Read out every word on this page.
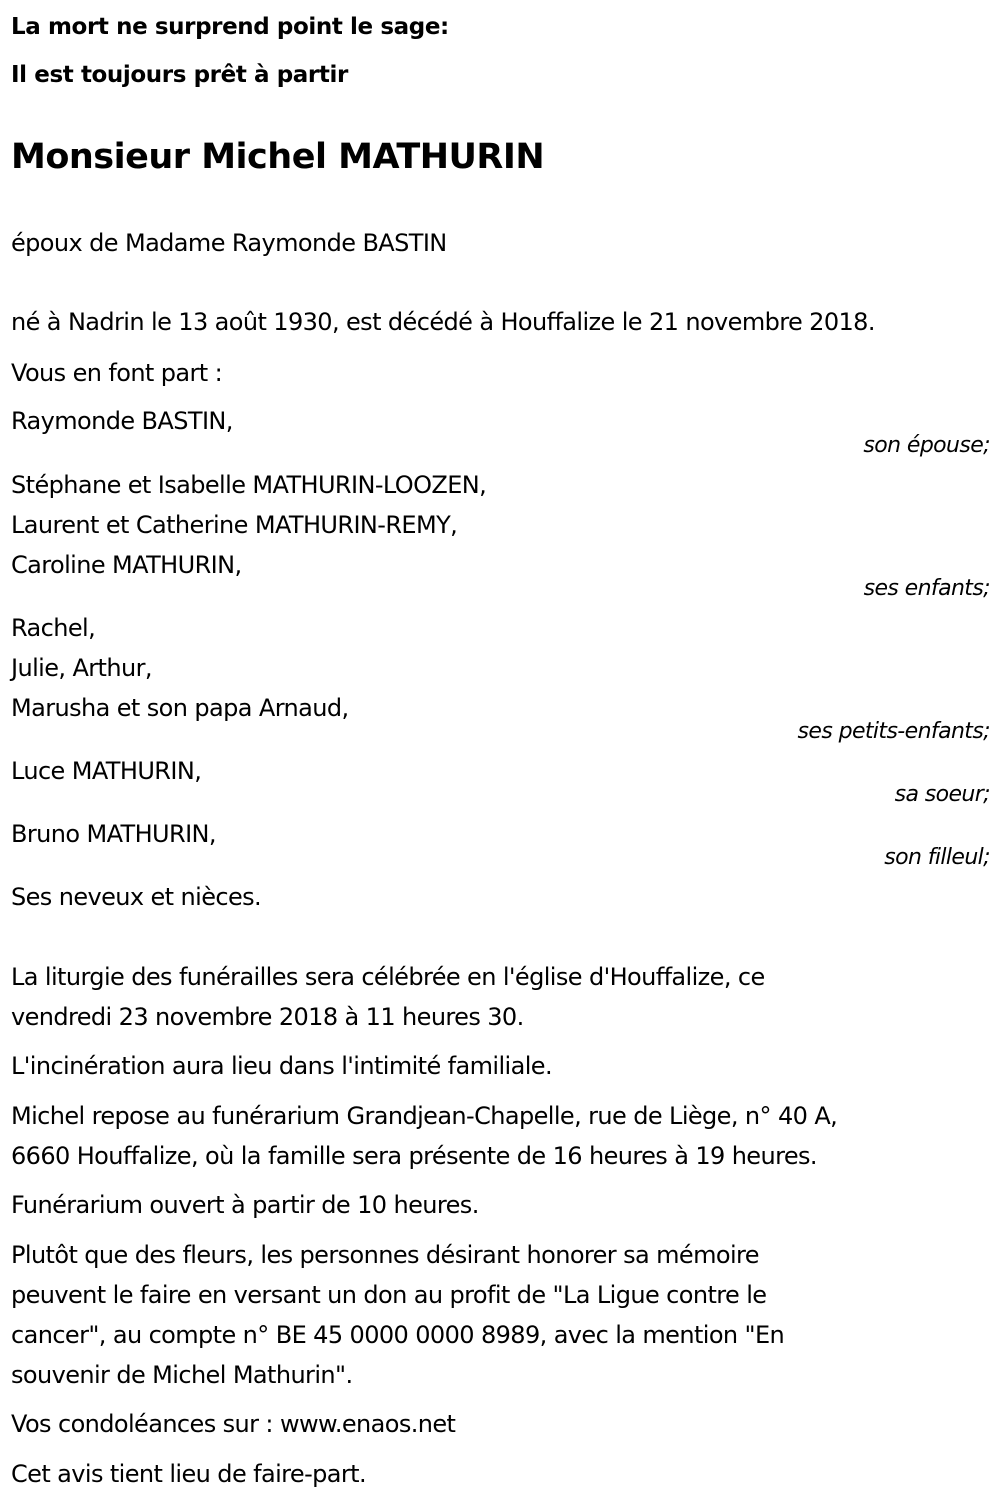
La mort ne surprend point le sage:
Il est toujours prêt à partir
Monsieur Michel MATHURIN
époux de Madame Raymonde BASTIN
né à Nadrin le 13 août 1930, est décédé à Houffalize le 21 novembre 2018.
Vous en font part :
Raymonde BASTIN,
son épouse;
Stéphane et Isabelle MATHURIN-LOOZEN,
Laurent et Catherine MATHURIN-REMY,
Caroline MATHURIN,
ses enfants;
Rachel,
Julie, Arthur,
Marusha et son papa Arnaud,
ses petits-enfants;
Luce MATHURIN,
sa soeur;
Bruno MATHURIN,
son filleul;
Ses neveux et nièces.
La liturgie des funérailles sera célébrée en l'église d'Houffalize, ce
vendredi 23 novembre 2018 à 11 heures 30.
L'incinération aura lieu dans l'intimité familiale.
Michel repose au funérarium Grandjean-Chapelle, rue de Liège, n° 40 A,
6660 Houffalize, où la famille sera présente de 16 heures à 19 heures.
Funérarium ouvert à partir de 10 heures.
Plutôt que des fleurs, les personnes désirant honorer sa mémoire
peuvent le faire en versant un don au profit de "La Ligue contre le
cancer", au compte n° BE 45 0000 0000 8989, avec la mention "En
souvenir de Michel Mathurin".
Vos condoléances sur : www.enaos.net
Cet avis tient lieu de faire-part.
